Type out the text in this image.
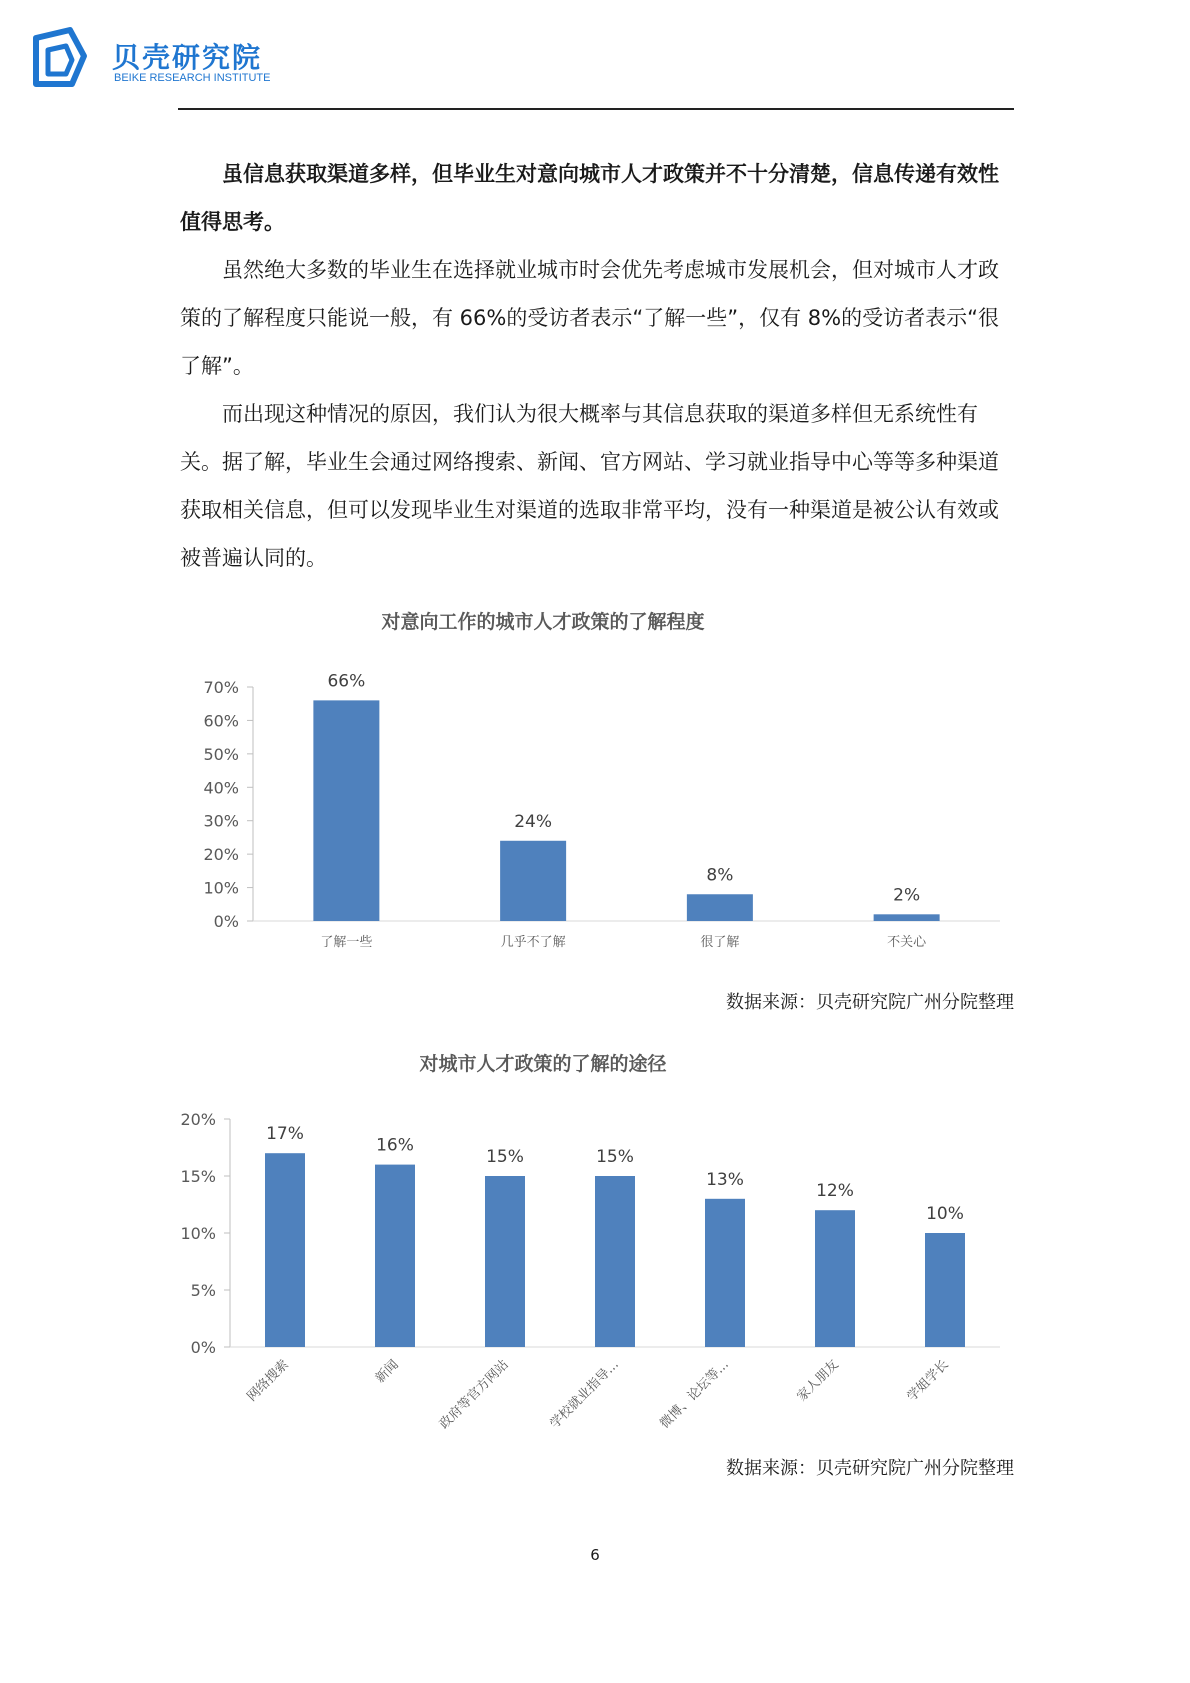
贝壳研究院
BEIKE RESEARCH INSTITUTE

虽信息获取渠道多样，但毕业生对意向城市人才政策并不十分清楚，信息传递有效性值得思考。

虽然绝大多数的毕业生在选择就业城市时会优先考虑城市发展机会，但对城市人才政策的了解程度只能说一般，有 66%的受访者表示“了解一些”，仅有 8%的受访者表示“很了解”。

而出现这种情况的原因，我们认为很大概率与其信息获取的渠道多样但无系统性有关。据了解，毕业生会通过网络搜索、新闻、官方网站、学习就业指导中心等等多种渠道获取相关信息，但可以发现毕业生对渠道的选取非常平均，没有一种渠道是被公认有效或被普遍认同的。

对意向工作的城市人才政策的了解程度
0%
10%
20%
30%
40%
50%
60%
70%	66%
了解一些
24%
几乎不了解
8%
很了解
2%
不关心
数据来源：贝壳研究院广州分院整理
对城市人才政策的了解的途径
0%
5%
10%
15%
20%
17%
网络搜索
16%
新闻
15%
政府等官方网站
15%
学校就业指导...
13%
微博、论坛等...
12%
家人朋友
10%
学姐学长
数据来源：贝壳研究院广州分院整理
6
